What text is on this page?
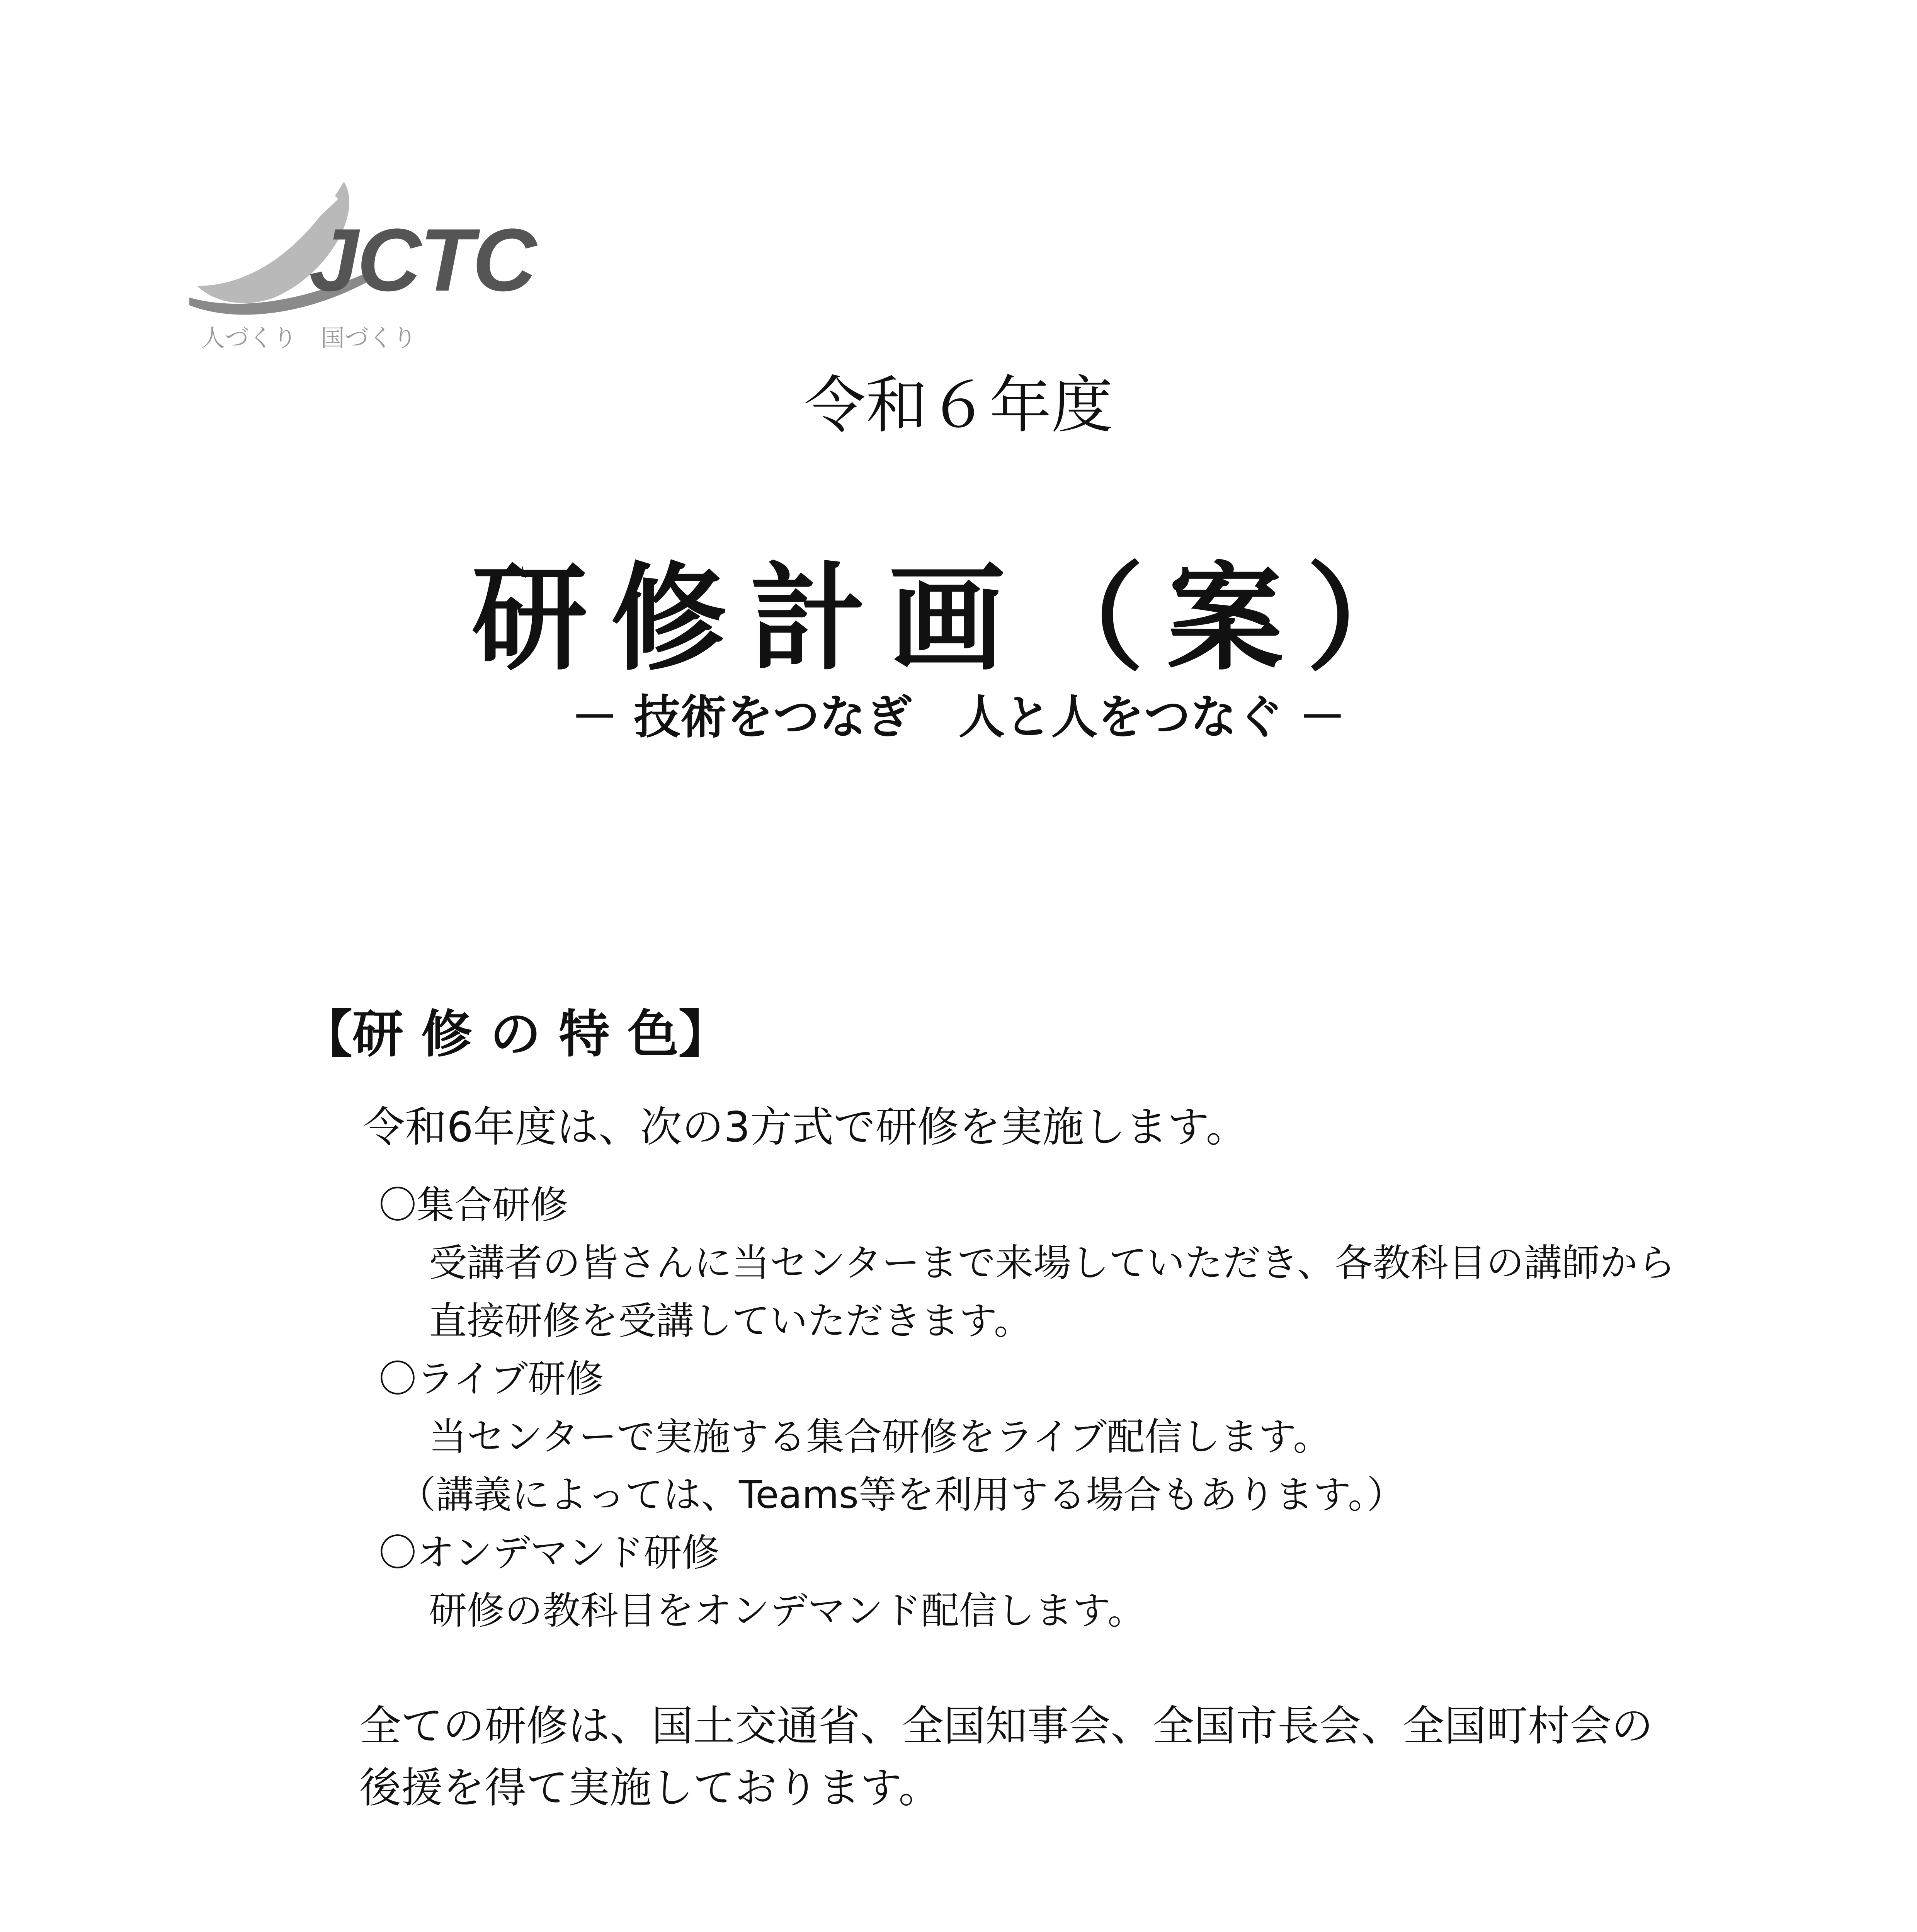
JCTC
人づくり　国づくり
令和６年度
研修計画（案）
－ 技術をつなぎ　人と人をつなぐ －
【研 修 の 特 色】
令和6年度は、次の3方式で研修を実施します。
〇集合研修
受講者の皆さんに当センターまで来場していただき、各教科目の講師から
直接研修を受講していただきます。
〇ライブ研修
当センターで実施する集合研修をライブ配信します。
（講義によっては、Teams等を利用する場合もあります。）
〇オンデマンド研修
研修の教科目をオンデマンド配信します。
全ての研修は、国土交通省、全国知事会、全国市長会、全国町村会の
後援を得て実施しております。
